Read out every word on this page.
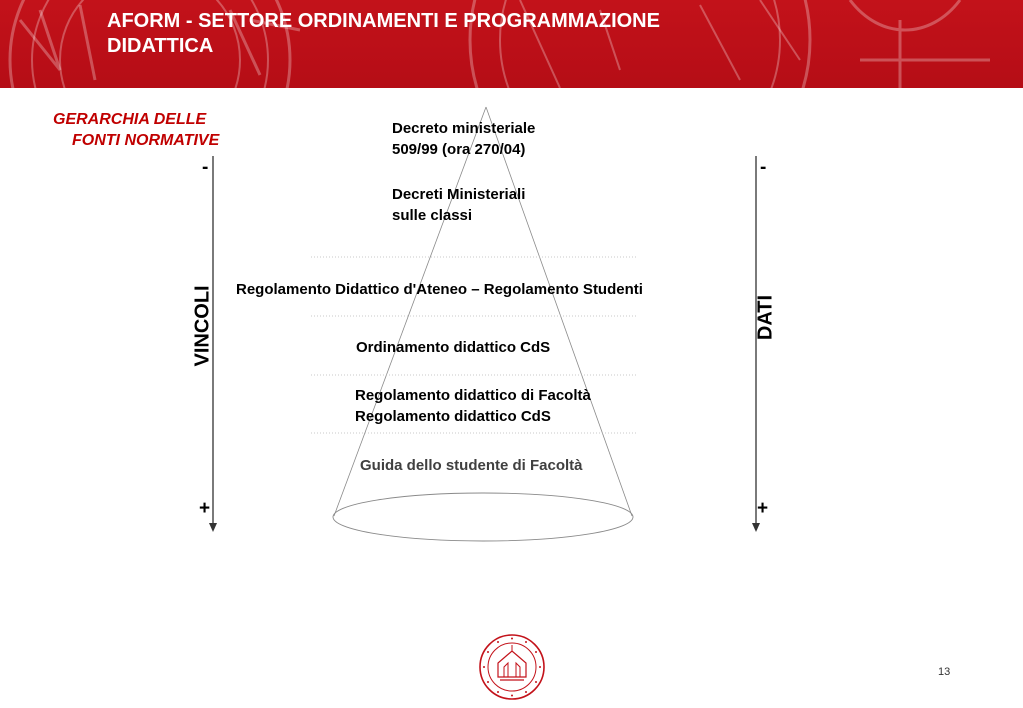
AFORM - SETTORE ORDINAMENTI E PROGRAMMAZIONE
DIDATTICA
GERARCHIA DELLE
FONTI NORMATIVE
Decreto ministeriale
509/99 (ora 270/04)
Decreti Ministeriali
sulle classi
Regolamento Didattico d'Ateneo – Regolamento Studenti
Ordinamento didattico CdS
Regolamento didattico di Facoltà
Regolamento didattico CdS
Guida dello studente di Facoltà
VINCOLI	DATI
-	-
+	+
13
